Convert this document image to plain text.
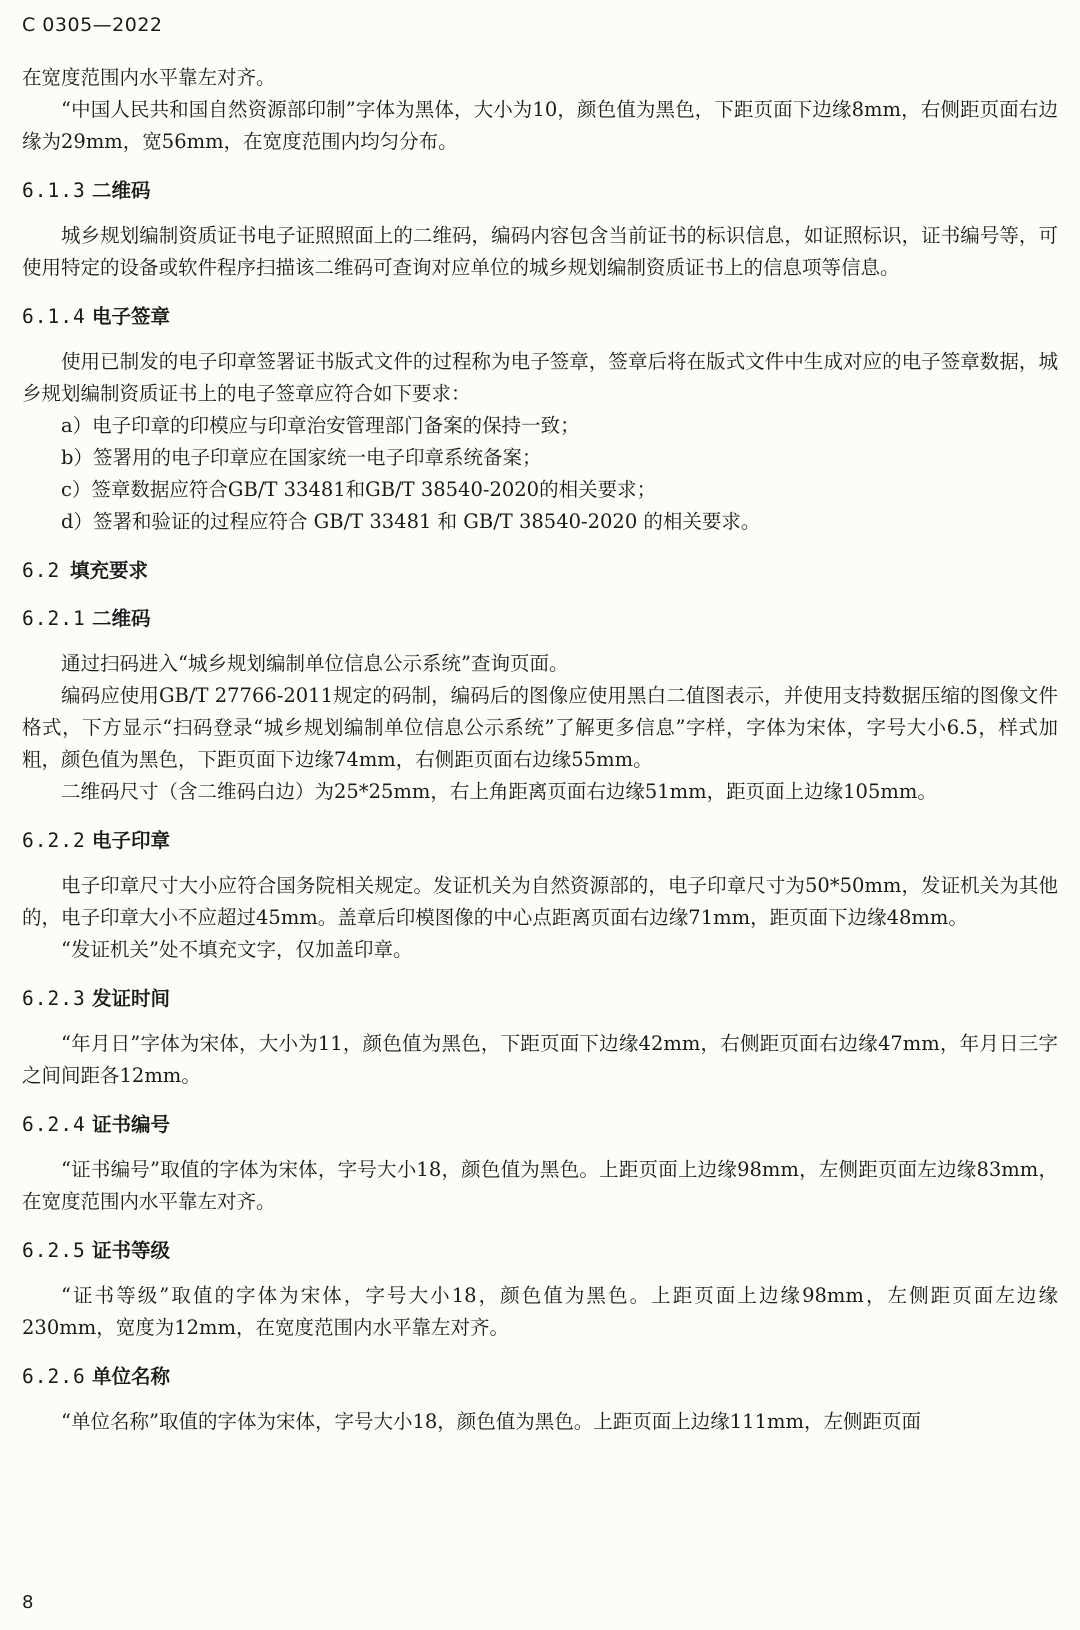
C 0305—2022

在宽度范围内水平靠左对齐。

“中国人民共和国自然资源部印制”字体为黑体，大小为10，颜色值为黑色，下距页面下边缘8mm，右侧距页面右边缘为29mm，宽56mm，在宽度范围内均匀分布。

6.1.3 二维码

城乡规划编制资质证书电子证照照面上的二维码，编码内容包含当前证书的标识信息，如证照标识，证书编号等，可使用特定的设备或软件程序扫描该二维码可查询对应单位的城乡规划编制资质证书上的信息项等信息。

6.1.4 电子签章

使用已制发的电子印章签署证书版式文件的过程称为电子签章，签章后将在版式文件中生成对应的电子签章数据，城乡规划编制资质证书上的电子签章应符合如下要求：

a）电子印章的印模应与印章治安管理部门备案的保持一致；

b）签署用的电子印章应在国家统一电子印章系统备案；

c）签章数据应符合GB/T 33481和GB/T 38540-2020的相关要求；

d）签署和验证的过程应符合 GB/T 33481 和 GB/T 38540-2020 的相关要求。

6.2 填充要求
6.2.1 二维码

通过扫码进入“城乡规划编制单位信息公示系统”查询页面。

编码应使用GB/T 27766-2011规定的码制，编码后的图像应使用黑白二值图表示，并使用支持数据压缩的图像文件格式，下方显示“扫码登录“城乡规划编制单位信息公示系统”了解更多信息”字样，字体为宋体，字号大小6.5，样式加粗，颜色值为黑色，下距页面下边缘74mm，右侧距页面右边缘55mm。

二维码尺寸（含二维码白边）为25*25mm，右上角距离页面右边缘51mm，距页面上边缘105mm。

6.2.2 电子印章

电子印章尺寸大小应符合国务院相关规定。发证机关为自然资源部的，电子印章尺寸为50*50mm，发证机关为其他的，电子印章大小不应超过45mm。盖章后印模图像的中心点距离页面右边缘71mm，距页面下边缘48mm。

“发证机关”处不填充文字，仅加盖印章。

6.2.3 发证时间

“年月日”字体为宋体，大小为11，颜色值为黑色，下距页面下边缘42mm，右侧距页面右边缘47mm，年月日三字之间间距各12mm。

6.2.4 证书编号

“证书编号”取值的字体为宋体，字号大小18，颜色值为黑色。上距页面上边缘98mm，左侧距页面左边缘83mm，在宽度范围内水平靠左对齐。

6.2.5 证书等级

“证书等级”取值的字体为宋体，字号大小18，颜色值为黑色。上距页面上边缘98mm，左侧距页面左边缘230mm，宽度为12mm，在宽度范围内水平靠左对齐。

6.2.6 单位名称

“单位名称”取值的字体为宋体，字号大小18，颜色值为黑色。上距页面上边缘111mm，左侧距页面

8
